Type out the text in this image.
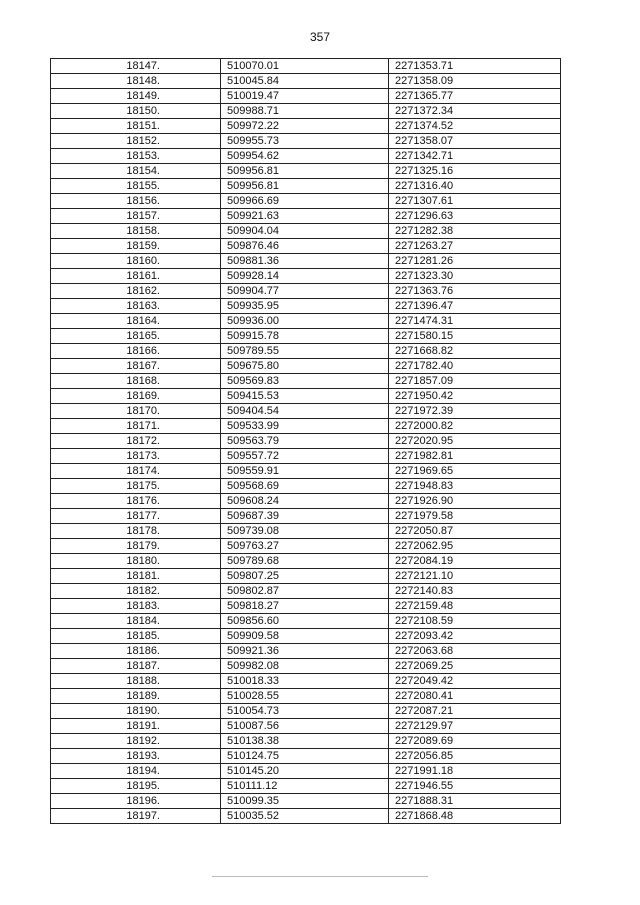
357
18147.	510070.01	2271353.71
18148.	510045.84	2271358.09
18149.	510019.47	2271365.77
18150.	509988.71	2271372.34
18151.	509972.22	2271374.52
18152.	509955.73	2271358.07
18153.	509954.62	2271342.71
18154.	509956.81	2271325.16
18155.	509956.81	2271316.40
18156.	509966.69	2271307.61
18157.	509921.63	2271296.63
18158.	509904.04	2271282.38
18159.	509876.46	2271263.27
18160.	509881.36	2271281.26
18161.	509928.14	2271323.30
18162.	509904.77	2271363.76
18163.	509935.95	2271396.47
18164.	509936.00	2271474.31
18165.	509915.78	2271580.15
18166.	509789.55	2271668.82
18167.	509675.80	2271782.40
18168.	509569.83	2271857.09
18169.	509415.53	2271950.42
18170.	509404.54	2271972.39
18171.	509533.99	2272000.82
18172.	509563.79	2272020.95
18173.	509557.72	2271982.81
18174.	509559.91	2271969.65
18175.	509568.69	2271948.83
18176.	509608.24	2271926.90
18177.	509687.39	2271979.58
18178.	509739.08	2272050.87
18179.	509763.27	2272062.95
18180.	509789.68	2272084.19
18181.	509807.25	2272121.10
18182.	509802.87	2272140.83
18183.	509818.27	2272159.48
18184.	509856.60	2272108.59
18185.	509909.58	2272093.42
18186.	509921.36	2272063.68
18187.	509982.08	2272069.25
18188.	510018.33	2272049.42
18189.	510028.55	2272080.41
18190.	510054.73	2272087.21
18191.	510087.56	2272129.97
18192.	510138.38	2272089.69
18193.	510124.75	2272056.85
18194.	510145.20	2271991.18
18195.	510111.12	2271946.55
18196.	510099.35	2271888.31
18197.	510035.52	2271868.48
